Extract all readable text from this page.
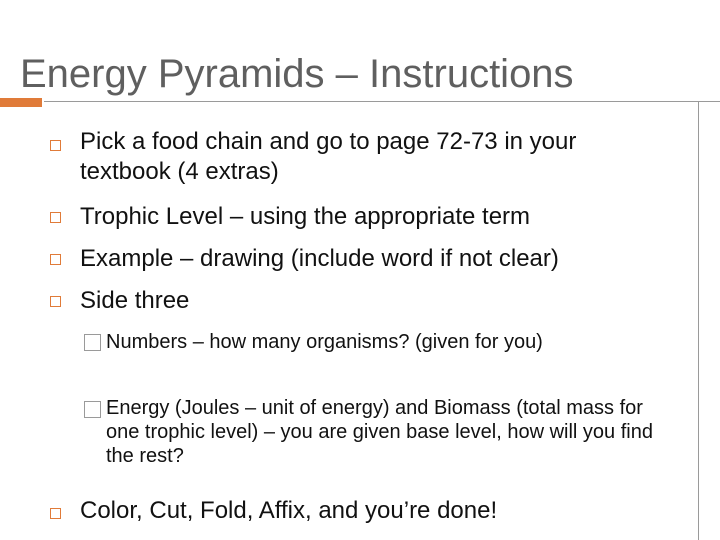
Energy Pyramids – Instructions
Pick a food chain and go to page 72-73 in your textbook (4 extras)
Trophic Level – using the appropriate term
Example – drawing (include word if not clear)
Side three
Numbers – how many organisms? (given for you)
Energy (Joules – unit of energy) and Biomass (total mass for one trophic level) – you are given base level, how will you find the rest?
Color, Cut, Fold, Affix, and you’re done!
